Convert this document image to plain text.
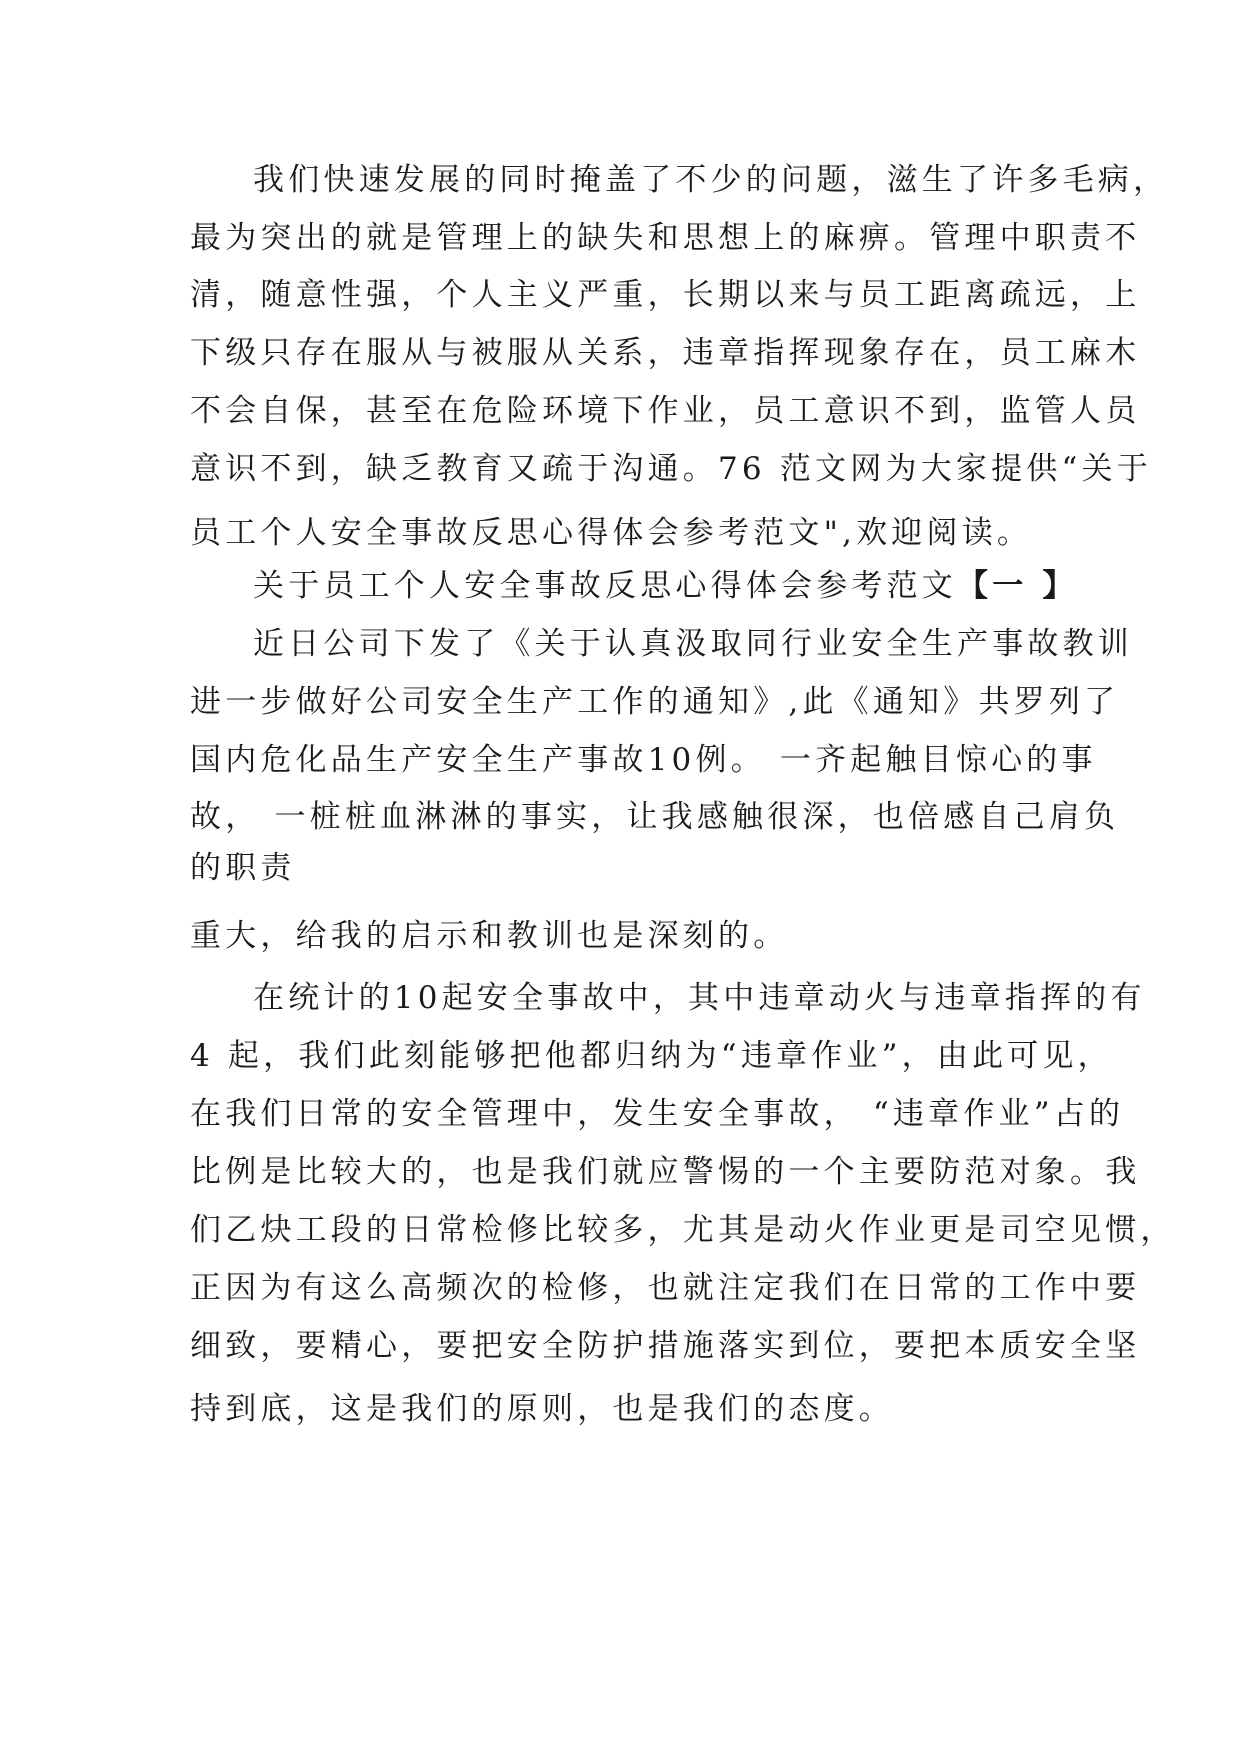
我们快速发展的同时掩盖了不少的问题，滋生了许多毛病，
最为突出的就是管理上的缺失和思想上的麻痹。管理中职责不
清，随意性强，个人主义严重，长期以来与员工距离疏远，上
下级只存在服从与被服从关系，违章指挥现象存在，员工麻木
不会自保，甚至在危险环境下作业，员工意识不到，监管人员
意识不到，缺乏教育又疏于沟通。76 范文网为大家提供“关于
员工个人安全事故反思心得体会参考范文",欢迎阅读。
关于员工个人安全事故反思心得体会参考范文【一 】
近日公司下发了《关于认真汲取同行业安全生产事故教训
进一步做好公司安全生产工作的通知》,此《通知》共罗列了
国内危化品生产安全生产事故10例。 一齐起触目惊心的事
故， 一桩桩血淋淋的事实，让我感触很深，也倍感自己肩负
的职责
重大，给我的启示和教训也是深刻的。
在统计的10起安全事故中，其中违章动火与违章指挥的有
4 起，我们此刻能够把他都归纳为“违章作业”，由此可见，
在我们日常的安全管理中，发生安全事故， “违章作业”占的
比例是比较大的，也是我们就应警惕的一个主要防范对象。我
们乙炔工段的日常检修比较多，尤其是动火作业更是司空见惯，
正因为有这么高频次的检修，也就注定我们在日常的工作中要
细致，要精心，要把安全防护措施落实到位，要把本质安全坚
持到底，这是我们的原则，也是我们的态度。
